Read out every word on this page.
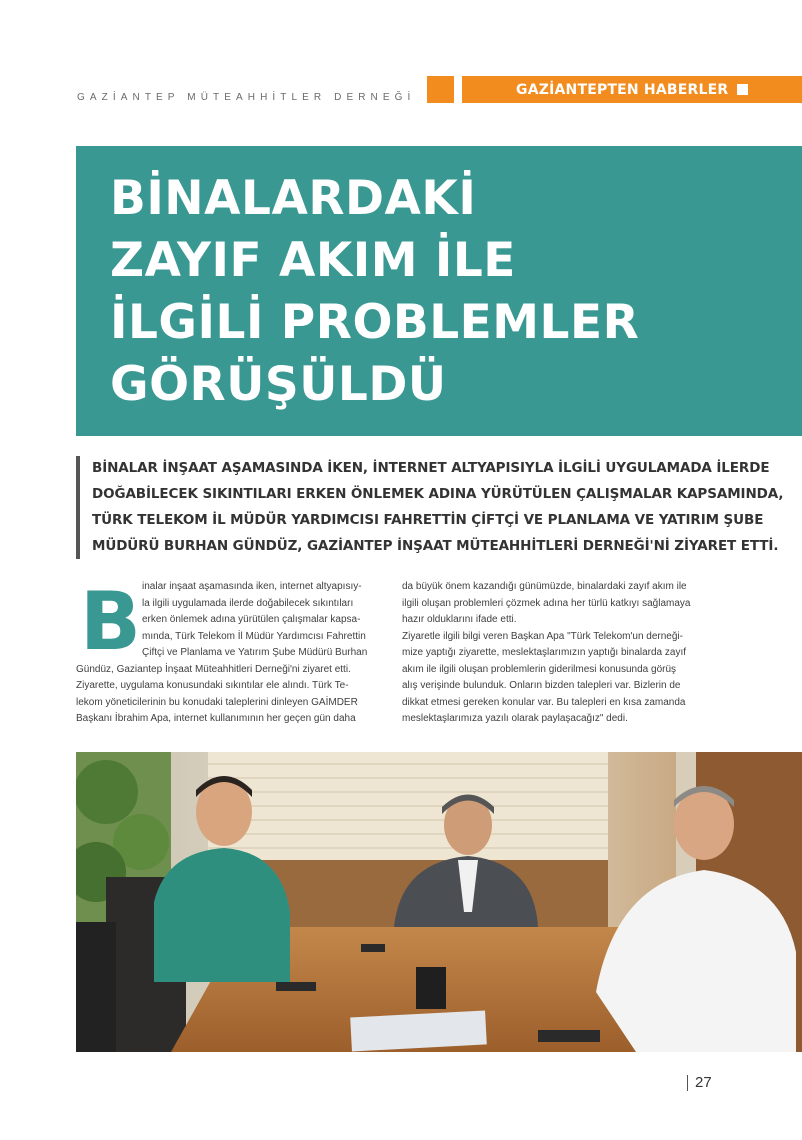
GAZİANTEP MÜTEAHHİTLER DERNEĞİ	GAZİANTEPTEN HABERLER
BİNALARDAKİ
ZAYIF AKIM İLE
İLGİLİ PROBLEMLER
GÖRÜŞÜLDÜ
BİNALAR İNŞAAT AŞAMASINDA İKEN, İNTERNET ALTYAPISIYLA İLGİLİ UYGULAMADA İLERDE
DOĞABİLECEK SIKINTILARI ERKEN ÖNLEMEK ADINA YÜRÜTÜLEN ÇALIŞMALAR KAPSAMINDA,
TÜRK TELEKOM İL MÜDÜR YARDIMCISI FAHRETTİN ÇİFTÇİ VE PLANLAMA VE YATIRIM ŞUBE
MÜDÜRÜ BURHAN GÜNDÜZ, GAZİANTEP İNŞAAT MÜTEAHHİTLERİ DERNEĞİ'Nİ ZİYARET ETTİ.
B inalar inşaat aşamasında iken, internet altyapısıy-
la ilgili uygulamada ilerde doğabilecek sıkıntıları
erken önlemek adına yürütülen çalışmalar kapsa-
mında, Türk Telekom İl Müdür Yardımcısı Fahrettin
Çiftçi ve Planlama ve Yatırım Şube Müdürü Burhan
Gündüz, Gaziantep İnşaat Müteahhitleri Derneği'ni ziyaret etti.
Ziyarette, uygulama konusundaki sıkıntılar ele alındı. Türk Te-
lekom yöneticilerinin bu konudaki taleplerini dinleyen GAİMDER
Başkanı İbrahim Apa, internet kullanımının her geçen gün daha
da büyük önem kazandığı günümüzde, binalardaki zayıf akım ile
ilgili oluşan problemleri çözmek adına her türlü katkıyı sağlamaya
hazır olduklarını ifade etti.
Ziyaretle ilgili bilgi veren Başkan Apa "Türk Telekom'un derneği-
mize yaptığı ziyarette, meslektaşlarımızın yaptığı binalarda zayıf
akım ile ilgili oluşan problemlerin giderilmesi konusunda görüş
alış verişinde bulunduk. Onların bizden talepleri var. Bizlerin de
dikkat etmesi gereken konular var. Bu talepleri en kısa zamanda
meslektaşlarımıza yazılı olarak paylaşacağız" dedi.
27
